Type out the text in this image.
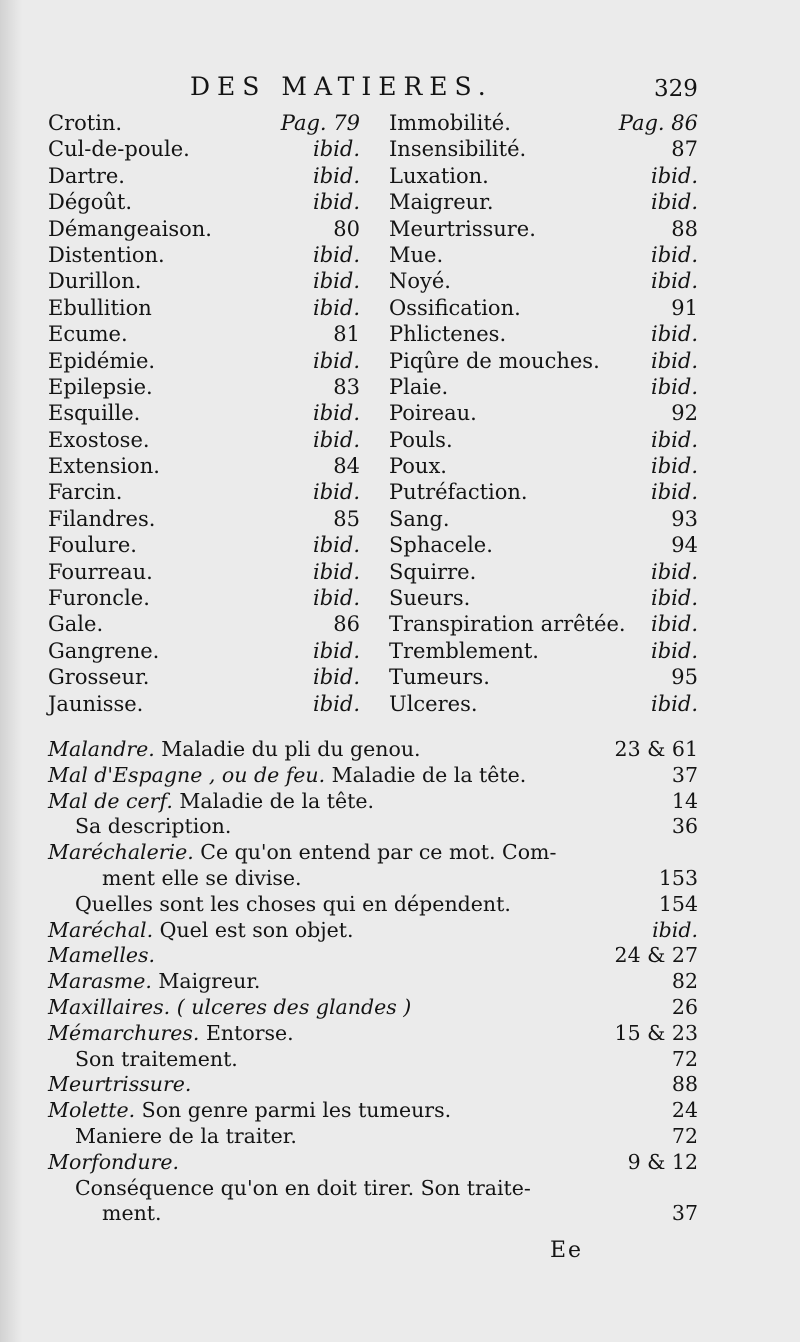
DES MATIERES.	329
Crotin.	Pag. 79 Immobilité.	Pag. 86
Cul-de-poule.	ibid. Insensibilité.	87
Dartre.	ibid. Luxation.	ibid.
Dégoût.	ibid. Maigreur.	ibid.
Démangeaison.	80 Meurtrissure.	88
Distention.	ibid. Mue.	ibid.
Durillon.	ibid. Noyé.	ibid.
Ebullition	ibid. Ossification.	91
Ecume.	81 Phlictenes.	ibid.
Epidémie.	ibid. Piqûre de mouches. ibid.
Epilepsie.	83 Plaie.	ibid.
Esquille.	ibid. Poireau.	92
Exostose.	ibid. Pouls.	ibid.
Extension.	84 Poux.	ibid.
Farcin.	ibid. Putréfaction.	ibid.
Filandres.	85 Sang.	93
Foulure.	ibid. Sphacele.	94
Fourreau.	ibid. Squirre.	ibid.
Furoncle.	ibid. Sueurs.	ibid.
Gale.	86 Transpiration arrêtée. ibid.
Gangrene.	ibid. Tremblement.	ibid.
Grosseur.	ibid. Tumeurs.	95
Jaunisse.	ibid. Ulceres.	ibid.
Malandre. Maladie du pli du genou.	23 & 61
Mal d'Espagne , ou de feu. Maladie de la tête.	37
Mal de cerf. Maladie de la tête.	14
Sa description.	36
Maréchalerie. Ce qu'on entend par ce mot. Com-
ment elle se divise.	153
Quelles sont les choses qui en dépendent.	154
Maréchal. Quel est son objet.	ibid.
Mamelles.	24 & 27
Marasme. Maigreur.	82
Maxillaires. ( ulceres des glandes )	26
Mémarchures. Entorse.	15 & 23
Son traitement.	72
Meurtrissure.	88
Molette. Son genre parmi les tumeurs.	24
Maniere de la traiter.	72
Morfondure.	9 & 12
Conséquence qu'on en doit tirer. Son traite-
ment.	37
Ee
